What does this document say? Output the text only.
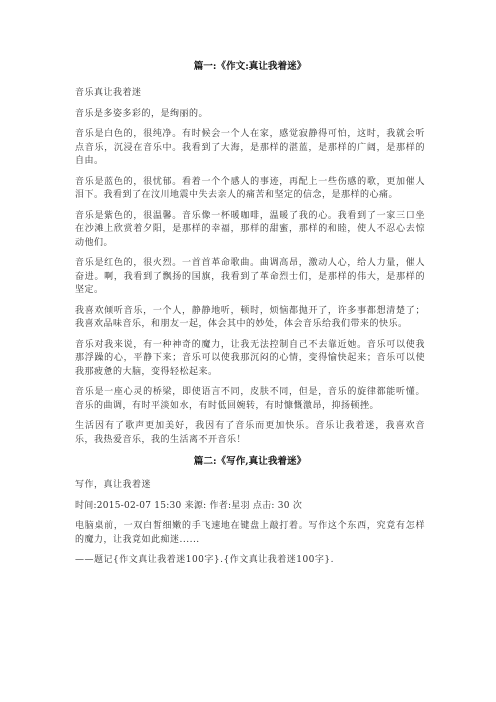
篇一:《作文:真让我着迷》

音乐真让我着迷

音乐是多姿多彩的，是绚丽的。

音乐是白色的，很纯净。有时候会一个人在家，感觉寂静得可怕，这时，我就会听点音乐，沉浸在音乐中。我看到了大海，是那样的湛蓝，是那样的广阔，是那样的自由。

音乐是蓝色的，很忧郁。看着一个个感人的事迹，再配上一些伤感的歌，更加催人泪下。我看到了在汶川地震中失去亲人的痛苦和坚定的信念，是那样的心痛。

音乐是紫色的，很温馨。音乐像一杯暖咖啡，温暖了我的心。我看到了一家三口坐在沙滩上欣赏着夕阳，是那样的幸福，那样的甜蜜，那样的和睦，使人不忍心去惊动他们。

音乐是红色的，很火烈。一首首革命歌曲。曲调高昂，激动人心，给人力量，催人奋进。啊，我看到了飘扬的国旗，我看到了革命烈士们，是那样的伟大，是那样的坚定。

我喜欢倾听音乐，一个人，静静地听，顿时，烦恼都抛开了，许多事都想清楚了；我喜欢品味音乐，和朋友一起，体会其中的妙处，体会音乐给我们带来的快乐。

音乐对我来说，有一种神奇的魔力，让我无法控制自己不去靠近她。音乐可以使我那浮躁的心，平静下来；音乐可以使我那沉闷的心情，变得愉快起来；音乐可以使我那疲惫的大脑，变得轻松起来。

音乐是一座心灵的桥梁，即使语言不同，皮肤不同，但是，音乐的旋律都能听懂。音乐的曲调，有时平淡如水，有时低回婉转，有时慷慨激昂，抑扬顿挫。

生活因有了歌声更加美好，我因有了音乐而更加快乐。音乐让我着迷，我喜欢音乐，我热爱音乐，我的生活离不开音乐！

篇二:《写作,真让我着迷》

写作，真让我着迷

时间:2015-02-07 15:30 来源: 作者:星羽 点击: 30 次

电脑桌前，一双白皙细嫩的手飞速地在键盘上敲打着。写作这个东西，究竟有怎样的魔力，让我竟如此痴迷......

——题记{作文真让我着迷100字}.{作文真让我着迷100字}.
